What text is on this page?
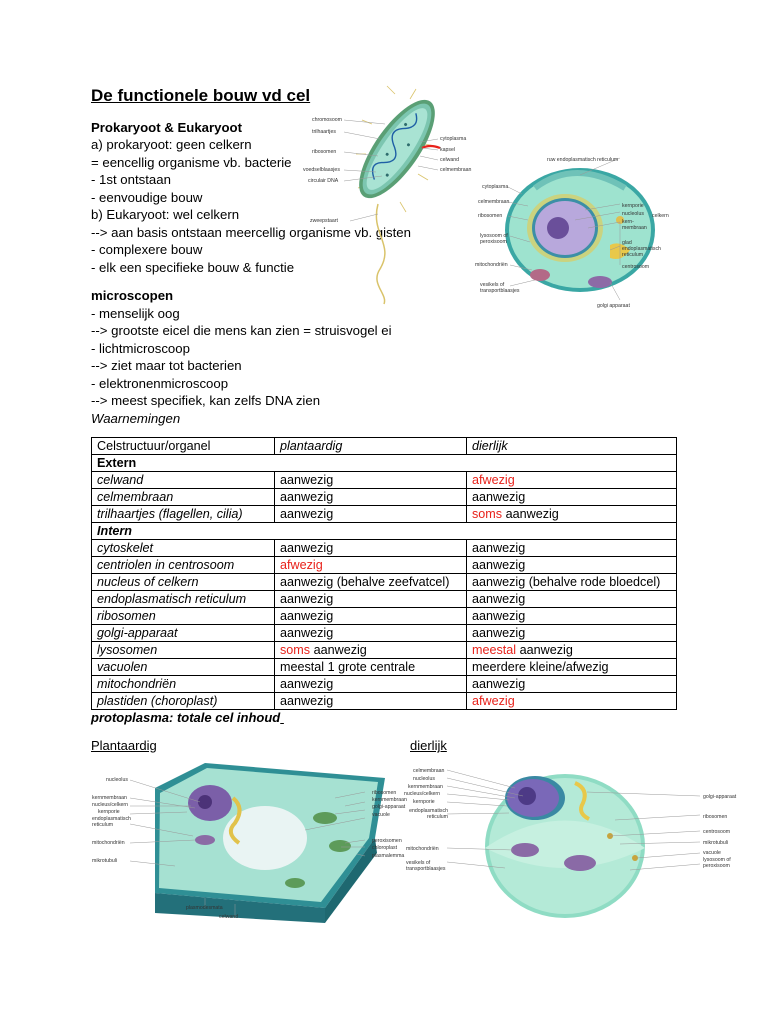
De functionele bouw vd cel
Prokaryoot & Eukaryoot
a) prokaryoot: geen celkern
= eencellig organisme vb. bacterie
- 1st ontstaan
- eenvoudige bouw
b) Eukaryoot: wel celkern
--> aan basis ontstaan meercellig organisme vb. gisten
- complexere bouw
- elk een specifieke bouw & functie
microscopen
- menselijk oog
--> grootste eicel die mens kan zien = struisvogel ei
- lichtmicroscoop
--> ziet maar tot bacterien
- elektronenmicroscoop
--> meest specifiek, kan zelfs DNA zien
Waarnemingen
chromosoom
trilhaartjes
ribosomen
voedselblaasjes
circulair DNA
zweepstaart
cytoplasma
kapsel
celwand
celmembraan
ruw endoplasmatisch reticulum
cytoplasma
celmembraan
ribosomen
lysosoom of peroxisoom
mitochondriën
vesikels of transportblaasjes
kernporie
nucleolus
kern-membraan
celkern
glad endoplasmatisch reticulum
centrosoom
golgi apparaat
Celstructuur/organel	plantaardig	dierlijk
Extern		
celwand	aanwezig	afwezig
celmembraan	aanwezig	aanwezig
trilhaartjes (flagellen, cilia)	aanwezig	soms aanwezig
Intern		
cytoskelet	aanwezig	aanwezig
centriolen in centrosoom	afwezig	aanwezig
nucleus of celkern	aanwezig (behalve zeefvatcel)	aanwezig (behalve rode bloedcel)
endoplasmatisch reticulum	aanwezig	aanwezig
ribosomen	aanwezig	aanwezig
golgi-apparaat	aanwezig	aanwezig
lysosomen	soms aanwezig	meestal aanwezig
vacuolen	meestal 1 grote centrale	meerdere kleine/afwezig
mitochondriën	aanwezig	aanwezig
plastiden (choroplast)	aanwezig	afwezig
protoplasma: totale cel inhoud
Plantaardig	dierlijk
nucleolus
kernmembraan
nucleus/celkern
kernporie
endoplasmatisch reticulum
mitochondriën
mikrotubuli
ribosomen
kernmembraan
golgi-apparaat
vacuole
peroxisomen
chloroplast
plasmalemma
plasmodesmata
celwand
celmembraan
nucleolus
kernmembraan
nucleus/celkern
kernporie
endoplasmatisch reticulum
mitochondriën
vesikels of transportblaasjes
golgi-apparaat
ribosomen
centrosoom
mikrotubuli
vacuole
lysosoom of peroxisoom
